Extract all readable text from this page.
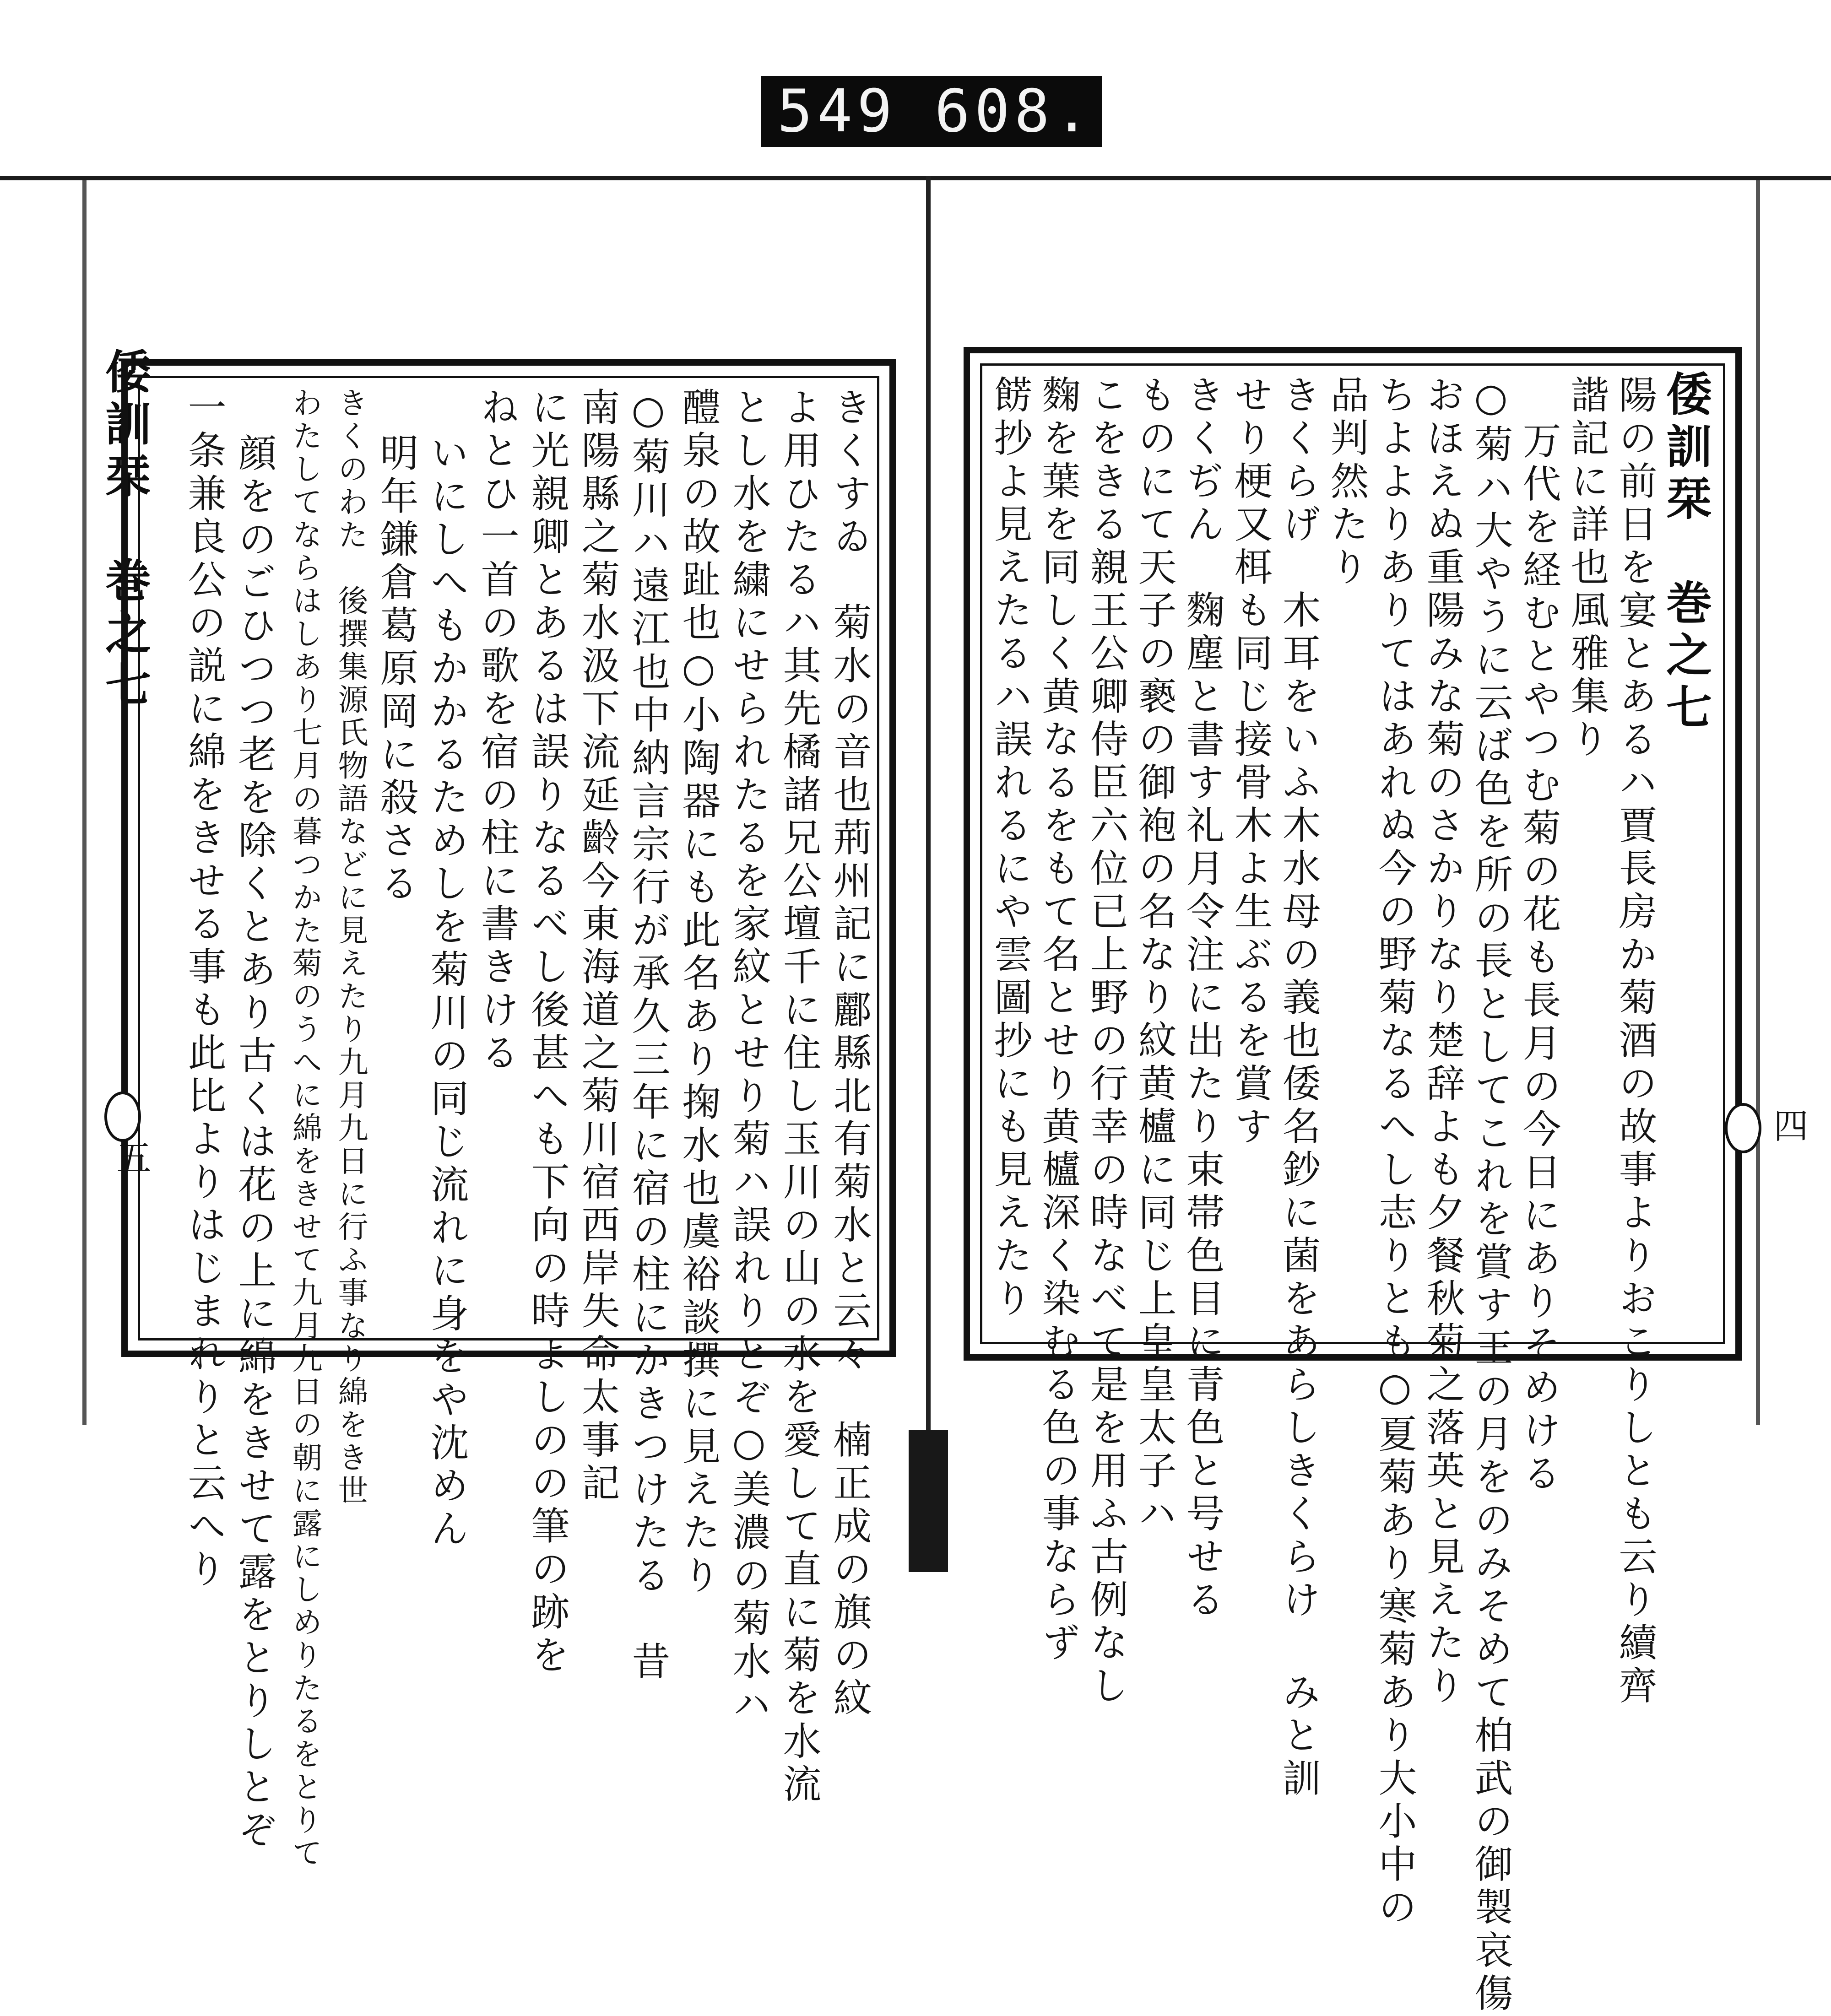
549 608.
倭訓栞　巻之七	きくすゐ　菊水の音也荊州記に酈縣北有菊水と云々　楠正成の旗の紋
よ用ひたるハ其先橘諸兄公壇千に住し玉川の山の水を愛して直に菊を水流
とし水を繍にせられたるを家紋とせり菊ハ誤れりとぞ○美濃の菊水ハ
醴泉の故趾也○小陶器にも此名あり掬水也虞裕談撰に見えたり
○菊川ハ遠江也中納言宗行が承久三年に宿の柱にかきつけたる　昔
南陽縣之菊水汲下流延齡今東海道之菊川宿西岸失命太事記
に光親卿とあるは誤りなるべし後甚へも下向の時よしのの筆の跡を
ねとひ一首の歌を宿の柱に書きける
いにしへもかかるためしを菊川の同じ流れに身をや沈めん
明年鎌倉葛原岡に殺さる
きくのわた　後撰集源氏物語などに見えたり九月九日に行ふ事なり綿をき世
わたしてならはしあり七月の暮つかた菊のうへに綿をきせて九月九日の朝に露にしめりたるをとりて
顔をのごひつつ老を除くとあり古くは花の上に綿をきせて露をとりしとぞ
一条兼良公の説に綿をきせる事も此比よりはじまれりと云へり
五
倭訓栞　巻之七
陽の前日を宴とあるハ賈長房か菊酒の故事よりおこりしとも云り續齊
諧記に詳也風雅集り
万代を経むとやつむ菊の花も長月の今日にありそめける
○菊ハ大やうに云ば色を所の長としてこれを賞す王の月をのみそめて柏武の御製哀傷
おほえぬ重陽みな菊のさかりなり楚辞よも夕餐秋菊之落英と見えたり
ちよよりありてはあれぬ今の野菊なるへし志りとも○夏菊あり寒菊あり大小中の
品判然たり
きくらげ　木耳をいふ木水母の義也倭名鈔に菌をあらしきくらけ みと訓
せり梗又栮も同じ接骨木よ生ぶるを賞す
きくぢん　麴塵と書す礼月令注に出たり束帯色目に青色と号せる
ものにて天子の褻の御袍の名なり紋黄櫨に同じ上皇皇太子ハ
こをきる親王公卿侍臣六位已上野の行幸の時なべて是を用ふ古例なし
麴を葉を同しく黄なるをもて名とせり黄櫨深く染むる色の事ならず
餝抄よ見えたるハ誤れるにや雲圖抄にも見えたり	四
